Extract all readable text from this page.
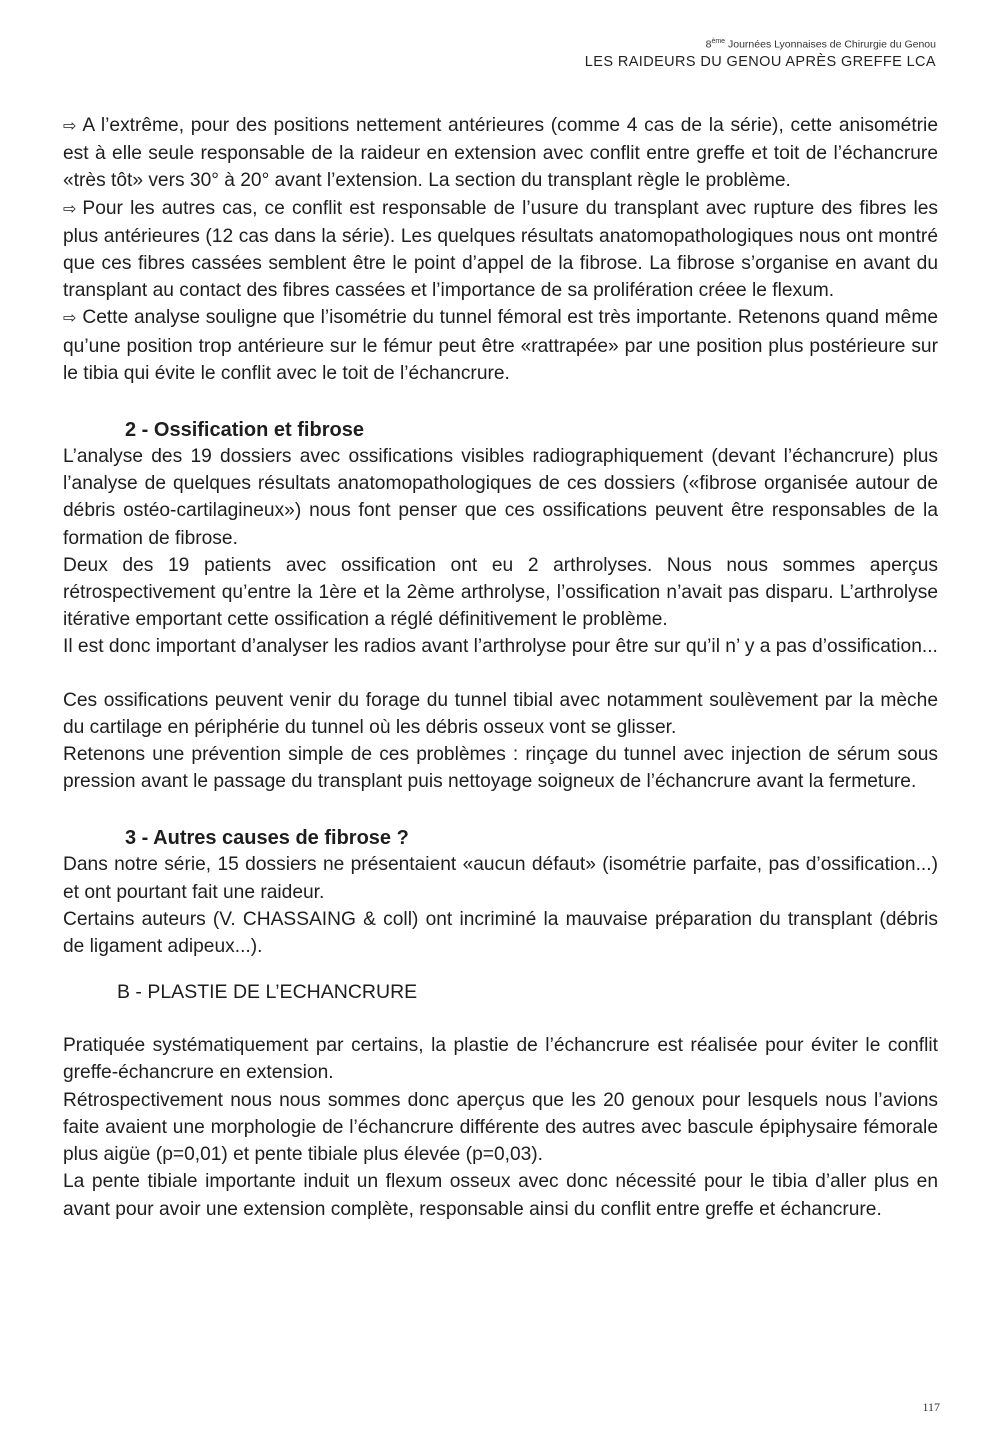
8ème Journées Lyonnaises de Chirurgie du Genou
LES RAIDEURS DU GENOU APRÈS GREFFE LCA

⇨ A l’extrême, pour des positions nettement antérieures (comme 4 cas de la série), cette anisométrie est à elle seule responsable de la raideur en extension avec conflit entre greffe et toit de l’échancrure «très tôt» vers 30° à 20° avant l’extension. La section du transplant règle le problème.

⇨ Pour les autres cas, ce conflit est responsable de l’usure du transplant avec rupture des fibres les plus antérieures (12 cas dans la série). Les quelques résultats anatomopathologiques nous ont montré que ces fibres cassées semblent être le point d’appel de la fibrose. La fibrose s’organise en avant du transplant au contact des fibres cassées et l’importance de sa prolifération créee le flexum.

⇨ Cette analyse souligne que l’isométrie du tunnel fémoral est très importante. Retenons quand même qu’une position trop antérieure sur le fémur peut être «rattrapée» par une position plus postérieure sur le tibia qui évite le conflit avec le toit de l’échancrure.

2 - Ossification et fibrose

L’analyse des 19 dossiers avec ossifications visibles radiographiquement (devant l’échancrure) plus l’analyse de quelques résultats anatomopathologiques de ces dossiers («fibrose organisée autour de débris ostéo-cartilagineux») nous font penser que ces ossifications peuvent être responsables de la formation de fibrose.

Deux des 19 patients avec ossification ont eu 2 arthrolyses. Nous nous sommes aperçus rétrospectivement qu’entre la 1ère et la 2ème arthrolyse, l’ossification n’avait pas disparu. L’arthrolyse itérative emportant cette ossification a réglé définitivement le problème.

Il est donc important d’analyser les radios avant l’arthrolyse pour être sur qu’il n’ y a pas d’ossification...

Ces ossifications peuvent venir du forage du tunnel tibial avec notamment soulèvement par la mèche du cartilage en périphérie du tunnel où les débris osseux vont se glisser.

Retenons une prévention simple de ces problèmes : rinçage du tunnel avec injection de sérum sous pression avant le passage du transplant puis nettoyage soigneux de l’échancrure avant la fermeture.

3 - Autres causes de fibrose ?

Dans notre série, 15 dossiers ne présentaient «aucun défaut» (isométrie parfaite, pas d’ossification...) et ont pourtant fait une raideur.

Certains auteurs (V. CHASSAING & coll) ont incriminé la mauvaise préparation du transplant (débris de ligament adipeux...).

B - PLASTIE DE L’ECHANCRURE

Pratiquée systématiquement par certains, la plastie de l’échancrure est réalisée pour éviter le conflit greffe-échancrure en extension.

Rétrospectivement nous nous sommes donc aperçus que les 20 genoux pour lesquels nous l’avions faite avaient une morphologie de l’échancrure différente des autres avec bascule épiphysaire fémorale plus aigüe (p=0,01) et pente tibiale plus élevée (p=0,03).

La pente tibiale importante induit un flexum osseux avec donc nécessité pour le tibia d’aller plus en avant pour avoir une extension complète, responsable ainsi du conflit entre greffe et échancrure.

117
